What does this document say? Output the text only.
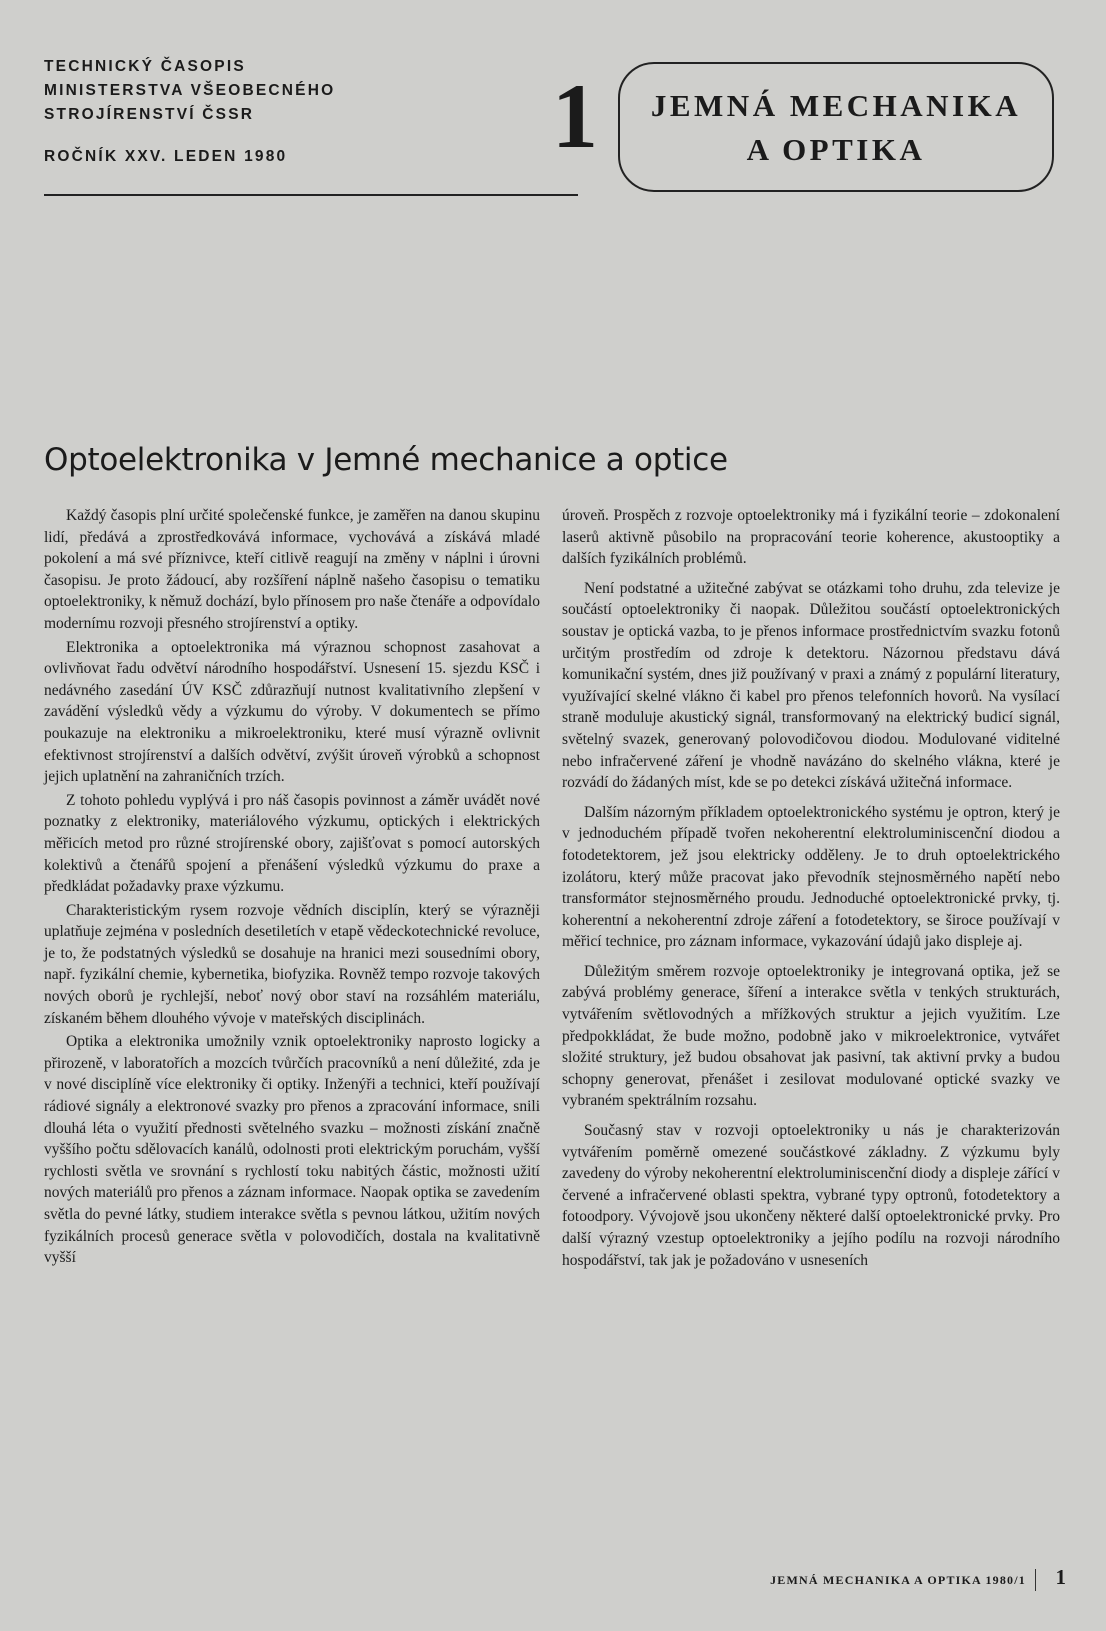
TECHNICKÝ ČASOPIS
MINISTERSTVA VŠEOBECNÉHO
STROJÍRENSTVÍ ČSSR
ROČNÍK XXV. LEDEN 1980	1	JEMNÁ MECHANIKA
A OPTIKA
Optoelektronika v Jemné mechanice a optice

Každý časopis plní určité společenské funkce, je zaměřen na danou skupinu lidí, předává a zprostředkovává informace, vychovává a získává mladé pokolení a má své příznivce, kteří citlivě reagují na změny v náplni i úrovni časopisu. Je proto žádoucí, aby rozšíření náplně našeho časopisu o tematiku optoelektroniky, k němuž dochází, bylo přínosem pro naše čtenáře a odpovídalo modernímu rozvoji přesného strojírenství a optiky.

Elektronika a optoelektronika má výraznou schopnost zasahovat a ovlivňovat řadu odvětví národního hospodářství. Usnesení 15. sjezdu KSČ i nedávného zasedání ÚV KSČ zdůrazňují nutnost kvalitativního zlepšení v zavádění výsledků vědy a výzkumu do výroby. V dokumentech se přímo poukazuje na elektroniku a mikroelektroniku, které musí výrazně ovlivnit efektivnost strojírenství a dalších odvětví, zvýšit úroveň výrobků a schopnost jejich uplatnění na zahraničních trzích.

Z tohoto pohledu vyplývá i pro náš časopis povinnost a záměr uvádět nové poznatky z elektroniky, materiálového výzkumu, optických i elektrických měřicích metod pro různé strojírenské obory, zajišťovat s pomocí autorských kolektivů a čtenářů spojení a přenášení výsledků výzkumu do praxe a předkládat požadavky praxe výzkumu.

Charakteristickým rysem rozvoje vědních disciplín, který se výrazněji uplatňuje zejména v posledních desetiletích v etapě vědeckotechnické revoluce, je to, že podstatných výsledků se dosahuje na hranici mezi sousedními obory, např. fyzikální chemie, kybernetika, biofyzika. Rovněž tempo rozvoje takových nových oborů je rychlejší, neboť nový obor staví na rozsáhlém materiálu, získaném během dlouhého vývoje v mateřských disciplinách.

Optika a elektronika umožnily vznik optoelektroniky naprosto logicky a přirozeně, v laboratořích a mozcích tvůrčích pracovníků a není důležité, zda je v nové disciplíně více elektroniky či optiky. Inženýři a technici, kteří používají rádiové signály a elektronové svazky pro přenos a zpracování informace, snili dlouhá léta o využití přednosti světelného svazku – možnosti získání značně vyššího počtu sdělovacích kanálů, odolnosti proti elektrickým poruchám, vyšší rychlosti světla ve srovnání s rychlostí toku nabitých částic, možnosti užití nových materiálů pro přenos a záznam informace. Naopak optika se zavedením světla do pevné látky, studiem interakce světla s pevnou látkou, užitím nových fyzikálních procesů generace světla v polovodičích, dostala na kvalitativně vyšší

úroveň. Prospěch z rozvoje optoelektroniky má i fyzikální teorie – zdokonalení laserů aktivně působilo na propracování teorie koherence, akustooptiky a dalších fyzikálních problémů.

Není podstatné a užitečné zabývat se otázkami toho druhu, zda televize je součástí optoelektroniky či naopak. Důležitou součástí optoelektronických soustav je optická vazba, to je přenos informace prostřednictvím svazku fotonů určitým prostředím od zdroje k detektoru. Názornou představu dává komunikační systém, dnes již používaný v praxi a známý z populární literatury, využívající skelné vlákno či kabel pro přenos telefonních hovorů. Na vysílací straně moduluje akustický signál, transformovaný na elektrický budicí signál, světelný svazek, generovaný polovodičovou diodou. Modulované viditelné nebo infračervené záření je vhodně navázáno do skelného vlákna, které je rozvádí do žádaných míst, kde se po detekci získává užitečná informace.

Dalším názorným příkladem optoelektronického systému je optron, který je v jednoduchém případě tvořen nekoherentní elektroluminiscenční diodou a fotodetektorem, jež jsou elektricky odděleny. Je to druh optoelektrického izolátoru, který může pracovat jako převodník stejnosměrného napětí nebo transformátor stejnosměrného proudu. Jednoduché optoelektronické prvky, tj. koherentní a nekoherentní zdroje záření a fotodetektory, se široce používají v měřicí technice, pro záznam informace, vykazování údajů jako displeje aj.

Důležitým směrem rozvoje optoelektroniky je integrovaná optika, jež se zabývá problémy generace, šíření a interakce světla v tenkých strukturách, vytvářením světlovodných a mřížkových struktur a jejich využitím. Lze předpokkládat, že bude možno, podobně jako v mikroelektronice, vytvářet složité struktury, jež budou obsahovat jak pasivní, tak aktivní prvky a budou schopny generovat, přenášet i zesilovat modulované optické svazky ve vybraném spektrálním rozsahu.

Současný stav v rozvoji optoelektroniky u nás je charakterizován vytvářením poměrně omezené součástkové základny. Z výzkumu byly zavedeny do výroby nekoherentní elektroluminiscenční diody a displeje zářící v červené a infračervené oblasti spektra, vybrané typy optronů, fotodetektory a fotoodpory. Vývojově jsou ukončeny některé další optoelektronické prvky. Pro další výrazný vzestup optoelektroniky a jejího podílu na rozvoji národního hospodářství, tak jak je požadováno v usneseních

JEMNÁ MECHANIKA A OPTIKA 1980/1 1
